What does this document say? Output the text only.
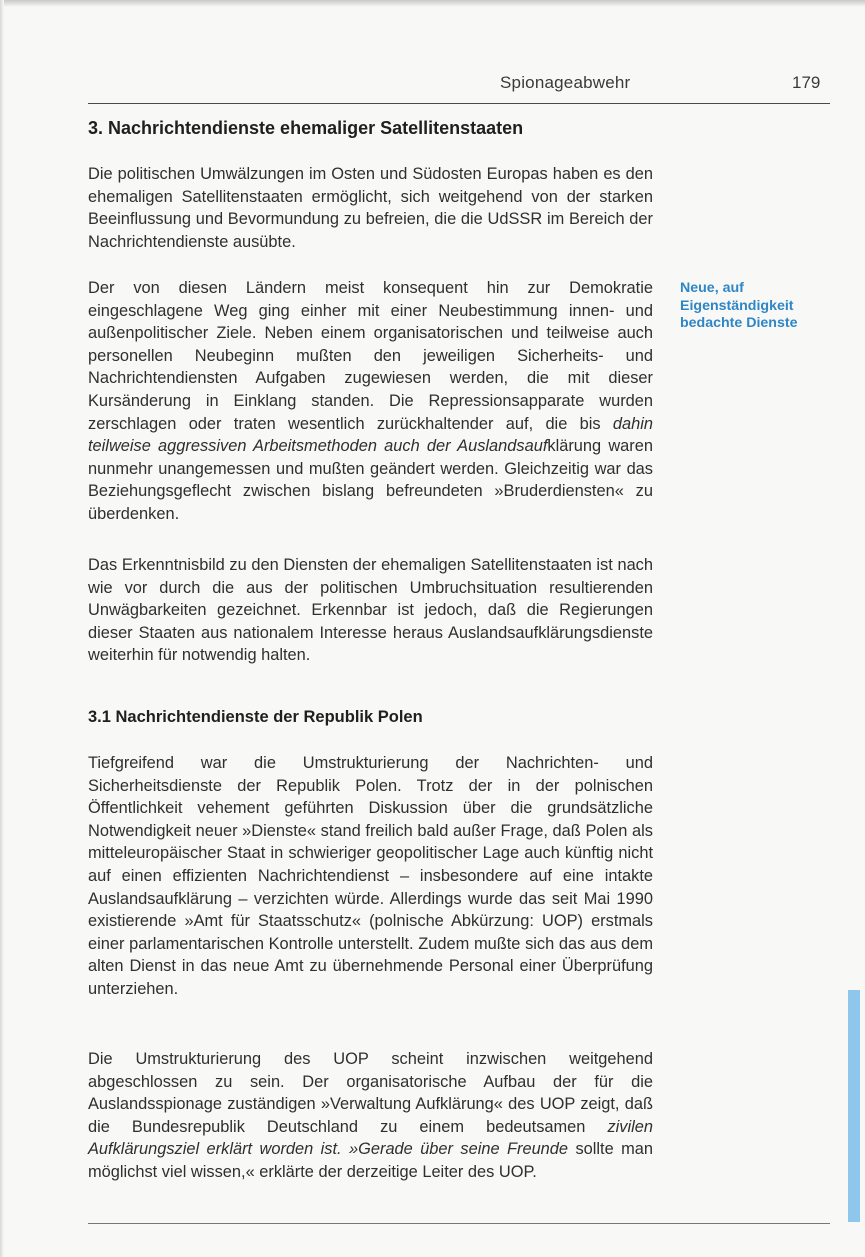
Spionageabwehr	179
3. Nachrichtendienste ehemaliger Satellitenstaaten

Die politischen Umwälzungen im Osten und Südosten Europas haben es den ehemaligen Satellitenstaaten ermöglicht, sich weitgehend von der starken Beeinflussung und Bevormundung zu befreien, die die UdSSR im Bereich der Nachrichtendienste ausübte.

Der von diesen Ländern meist konsequent hin zur Demokratie eingeschlagene Weg ging einher mit einer Neubestimmung innen- und außenpolitischer Ziele. Neben einem organisatorischen und teilweise auch personellen Neubeginn mußten den jeweiligen Sicherheits- und Nachrichtendiensten Aufgaben zugewiesen werden, die mit dieser Kursänderung in Einklang standen. Die Repressionsapparate wurden zerschlagen oder traten wesentlich zurückhaltender auf, die bis dahin teilweise aggressiven Arbeitsmethoden auch der Auslandsaufklärung waren nunmehr unangemessen und mußten geändert werden. Gleichzeitig war das Beziehungsgeflecht zwischen bislang befreundeten »Bruderdiensten« zu überdenken.

Neue, auf Eigenständigkeit bedachte Dienste

Das Erkenntnisbild zu den Diensten der ehemaligen Satellitenstaaten ist nach wie vor durch die aus der politischen Umbruchsituation resultierenden Unwägbarkeiten gezeichnet. Erkennbar ist jedoch, daß die Regierungen dieser Staaten aus nationalem Interesse heraus Auslandsaufklärungsdienste weiterhin für notwendig halten.

3.1 Nachrichtendienste der Republik Polen

Tiefgreifend war die Umstrukturierung der Nachrichten- und Sicherheitsdienste der Republik Polen. Trotz der in der polnischen Öffentlichkeit vehement geführten Diskussion über die grundsätzliche Notwendigkeit neuer »Dienste« stand freilich bald außer Frage, daß Polen als mitteleuropäischer Staat in schwieriger geopolitischer Lage auch künftig nicht auf einen effizienten Nachrichtendienst – insbesondere auf eine intakte Auslandsaufklärung – verzichten würde. Allerdings wurde das seit Mai 1990 existierende »Amt für Staatsschutz« (polnische Abkürzung: UOP) erstmals einer parlamentarischen Kontrolle unterstellt. Zudem mußte sich das aus dem alten Dienst in das neue Amt zu übernehmende Personal einer Überprüfung unterziehen.

Die Umstrukturierung des UOP scheint inzwischen weitgehend abgeschlossen zu sein. Der organisatorische Aufbau der für die Auslandsspionage zuständigen »Verwaltung Aufklärung« des UOP zeigt, daß die Bundesrepublik Deutschland zu einem bedeutsamen zivilen Aufklärungsziel erklärt worden ist. »Gerade über seine Freunde sollte man möglichst viel wissen,« erklärte der derzeitige Leiter des UOP.
